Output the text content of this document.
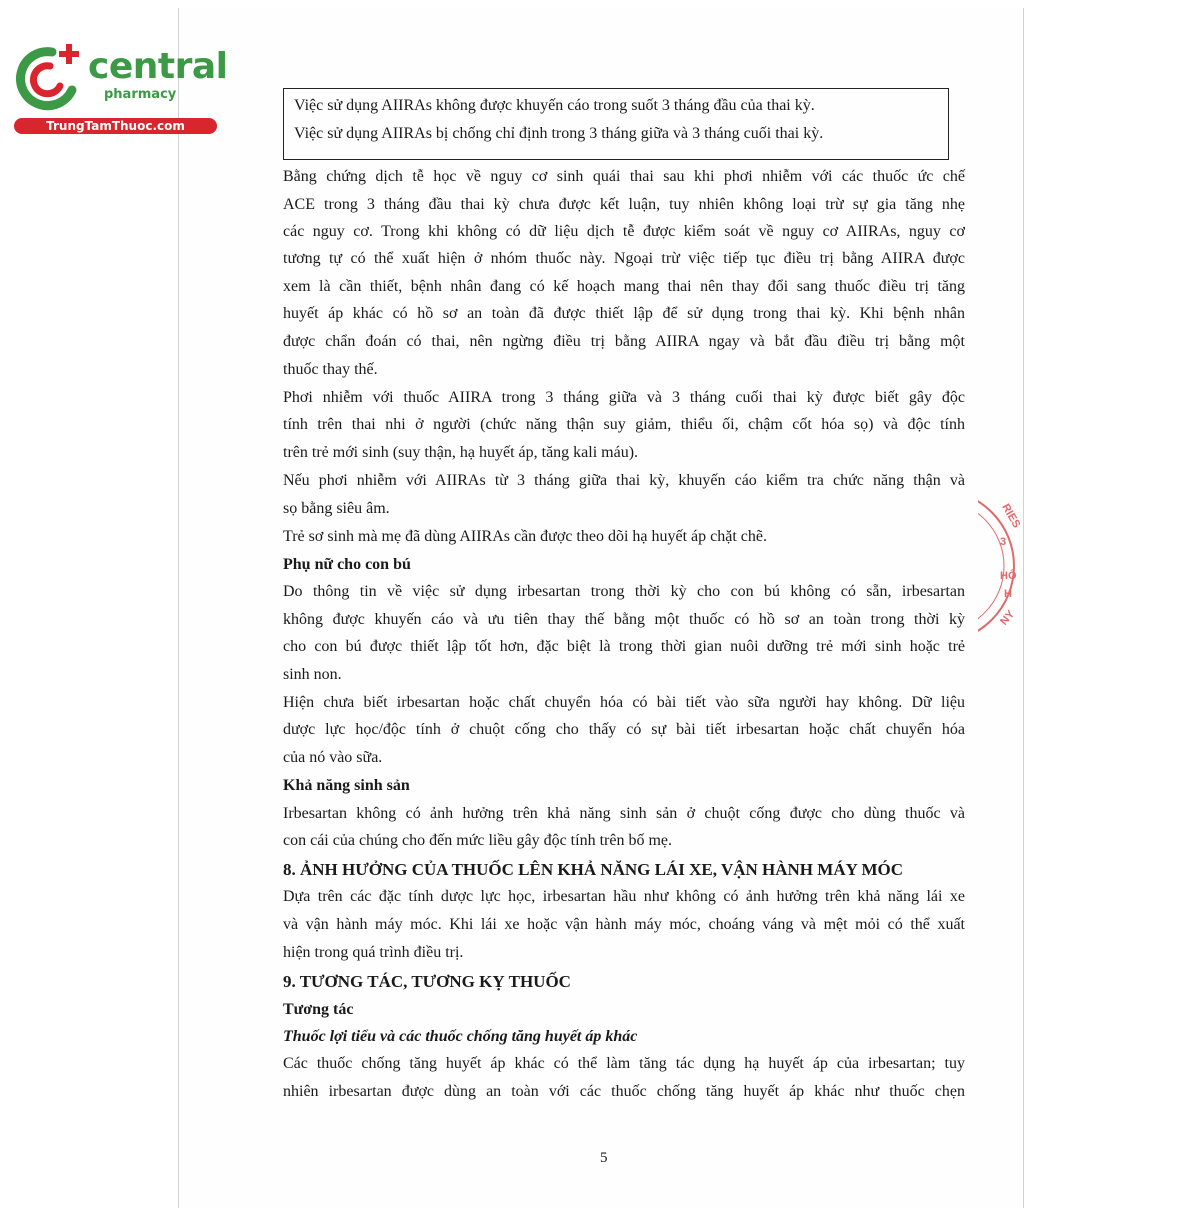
central
pharmacy
TrungTamThuoc.com
RIES
3
HỐ
H
NY
Việc sử dụng AIIRAs không được khuyến cáo trong suốt 3 tháng đầu của thai kỳ.
Việc sử dụng AIIRAs bị chống chỉ định trong 3 tháng giữa và 3 tháng cuối thai kỳ.
Bằng chứng dịch tễ học về nguy cơ sinh quái thai sau khi phơi nhiễm với các thuốc ức chế
ACE trong 3 tháng đầu thai kỳ chưa được kết luận, tuy nhiên không loại trừ sự gia tăng nhẹ
các nguy cơ. Trong khi không có dữ liệu dịch tễ được kiểm soát về nguy cơ AIIRAs, nguy cơ
tương tự có thể xuất hiện ở nhóm thuốc này. Ngoại trừ việc tiếp tục điều trị bằng AIIRA được
xem là cần thiết, bệnh nhân đang có kế hoạch mang thai nên thay đổi sang thuốc điều trị tăng
huyết áp khác có hồ sơ an toàn đã được thiết lập để sử dụng trong thai kỳ. Khi bệnh nhân
được chẩn đoán có thai, nên ngừng điều trị bằng AIIRA ngay và bắt đầu điều trị bằng một
thuốc thay thế.
Phơi nhiễm với thuốc AIIRA trong 3 tháng giữa và 3 tháng cuối thai kỳ được biết gây độc
tính trên thai nhi ở người (chức năng thận suy giảm, thiểu ối, chậm cốt hóa sọ) và độc tính
trên trẻ mới sinh (suy thận, hạ huyết áp, tăng kali máu).
Nếu phơi nhiễm với AIIRAs từ 3 tháng giữa thai kỳ, khuyến cáo kiểm tra chức năng thận và
sọ bằng siêu âm.
Trẻ sơ sinh mà mẹ đã dùng AIIRAs cần được theo dõi hạ huyết áp chặt chẽ.
Phụ nữ cho con bú
Do thông tin về việc sử dụng irbesartan trong thời kỳ cho con bú không có sẵn, irbesartan
không được khuyến cáo và ưu tiên thay thế bằng một thuốc có hồ sơ an toàn trong thời kỳ
cho con bú được thiết lập tốt hơn, đặc biệt là trong thời gian nuôi dưỡng trẻ mới sinh hoặc trẻ
sinh non.
Hiện chưa biết irbesartan hoặc chất chuyển hóa có bài tiết vào sữa người hay không. Dữ liệu
dược lực học/độc tính ở chuột cống cho thấy có sự bài tiết irbesartan hoặc chất chuyển hóa
của nó vào sữa.
Khả năng sinh sản
Irbesartan không có ảnh hưởng trên khả năng sinh sản ở chuột cống được cho dùng thuốc và
con cái của chúng cho đến mức liều gây độc tính trên bố mẹ.
8. ẢNH HƯỞNG CỦA THUỐC LÊN KHẢ NĂNG LÁI XE, VẬN HÀNH MÁY MÓC
Dựa trên các đặc tính dược lực học, irbesartan hầu như không có ảnh hưởng trên khả năng lái xe
và vận hành máy móc. Khi lái xe hoặc vận hành máy móc, choáng váng và mệt mỏi có thể xuất
hiện trong quá trình điều trị.
9. TƯƠNG TÁC, TƯƠNG KỴ THUỐC
Tương tác
Thuốc lợi tiểu và các thuốc chống tăng huyết áp khác
Các thuốc chống tăng huyết áp khác có thể làm tăng tác dụng hạ huyết áp của irbesartan; tuy
nhiên irbesartan được dùng an toàn với các thuốc chống tăng huyết áp khác như thuốc chẹn
5
